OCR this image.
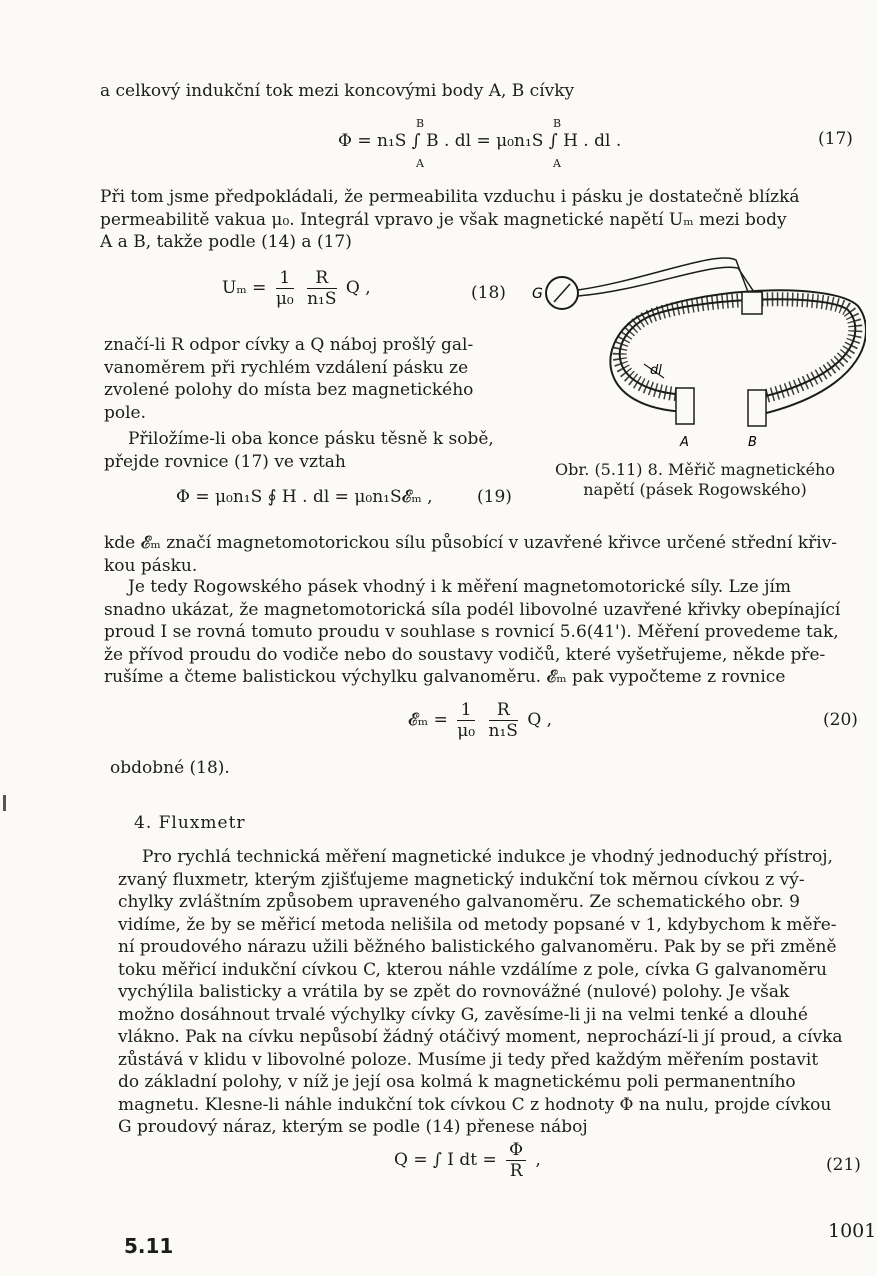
a celkový indukční tok mezi koncovými body A, B cívky
Φ = n₁S ∫ B . dl = μ₀n₁S ∫ H . dl .
B
A
B
A
(17)
Při tom jsme předpokládali, že permeabilita vzduchu i pásku je dostatečně blízká
permeabilitě vakua μ₀. Integrál vpravo je však magnetické napětí Uₘ mezi body
A a B, takže podle (14) a (17)
$U_m = \frac{1}{\text{μ₀}}$
$\frac{R}{\text{n₁S}}$ Q ,	(18)
značí-li R odpor cívky a Q náboj prošlý gal-
vanoměrem při rychlém vzdálení pásku ze
zvolené polohy do místa bez magnetického
pole.
Přiložíme-li oba konce pásku těsně k sobě,
přejde rovnice (17) ve vztah
Φ = μ₀n₁S ∮ H . dl = μ₀n₁S𝓔ₘ ,	(19)
G
dl
A	B
Obr. (5.11) 8. Měřič magnetického
napětí (pásek Rogowského)
kde 𝓔ₘ značí magnetomotorickou sílu působící v uzavřené křivce určené střední křiv-
kou pásku.
Je tedy Rogowského pásek vhodný i k měření magnetomotorické síly. Lze jím
snadno ukázat, že magnetomotorická síla podél libovolné uzavřené křivky obepínající
proud I se rovná tomuto proudu v souhlase s rovnicí 5.6(41'). Měření provedeme tak,
že přívod proudu do vodiče nebo do soustavy vodičů, které vyšetřujeme, někde pře-
rušíme a čteme balistickou výchylku galvanoměru. 𝓔ₘ pak vypočteme z rovnice
𝓔ₘ = $\frac{1}{\text{μ₀}}$
$\frac{R}{\text{n₁S}}$ Q ,	(20)
obdobné (18).
4. Fluxmetr
Pro rychlá technická měření magnetické indukce je vhodný jednoduchý přístroj,
zvaný fluxmetr, kterým zjišťujeme magnetický indukční tok měrnou cívkou z vý-
chylky zvláštním způsobem upraveného galvanoměru. Ze schematického obr. 9
vidíme, že by se měřicí metoda nelišila od metody popsané v 1, kdybychom k měře-
ní proudového nárazu užili běžného balistického galvanoměru. Pak by se při změně
toku měřicí indukční cívkou C, kterou náhle vzdálíme z pole, cívka G galvanoměru
vychýlila balisticky a vrátila by se zpět do rovnovážné (nulové) polohy. Je však
možno dosáhnout trvalé výchylky cívky G, zavěsíme-li ji na velmi tenké a dlouhé
vlákno. Pak na cívku nepůsobí žádný otáčivý moment, neprochází-li jí proud, a cívka
zůstává v klidu v libovolné poloze. Musíme ji tedy před každým měřením postavit
do základní polohy, v níž je její osa kolmá k magnetickému poli permanentního
magnetu. Klesne-li náhle indukční tok cívkou C z hodnoty Φ na nulu, projde cívkou
G proudový náraz, kterým se podle (14) přenese náboj
Q = ∫ I dt = $\frac{\Phi}{R}$ ,	(21)
5.11
1001
